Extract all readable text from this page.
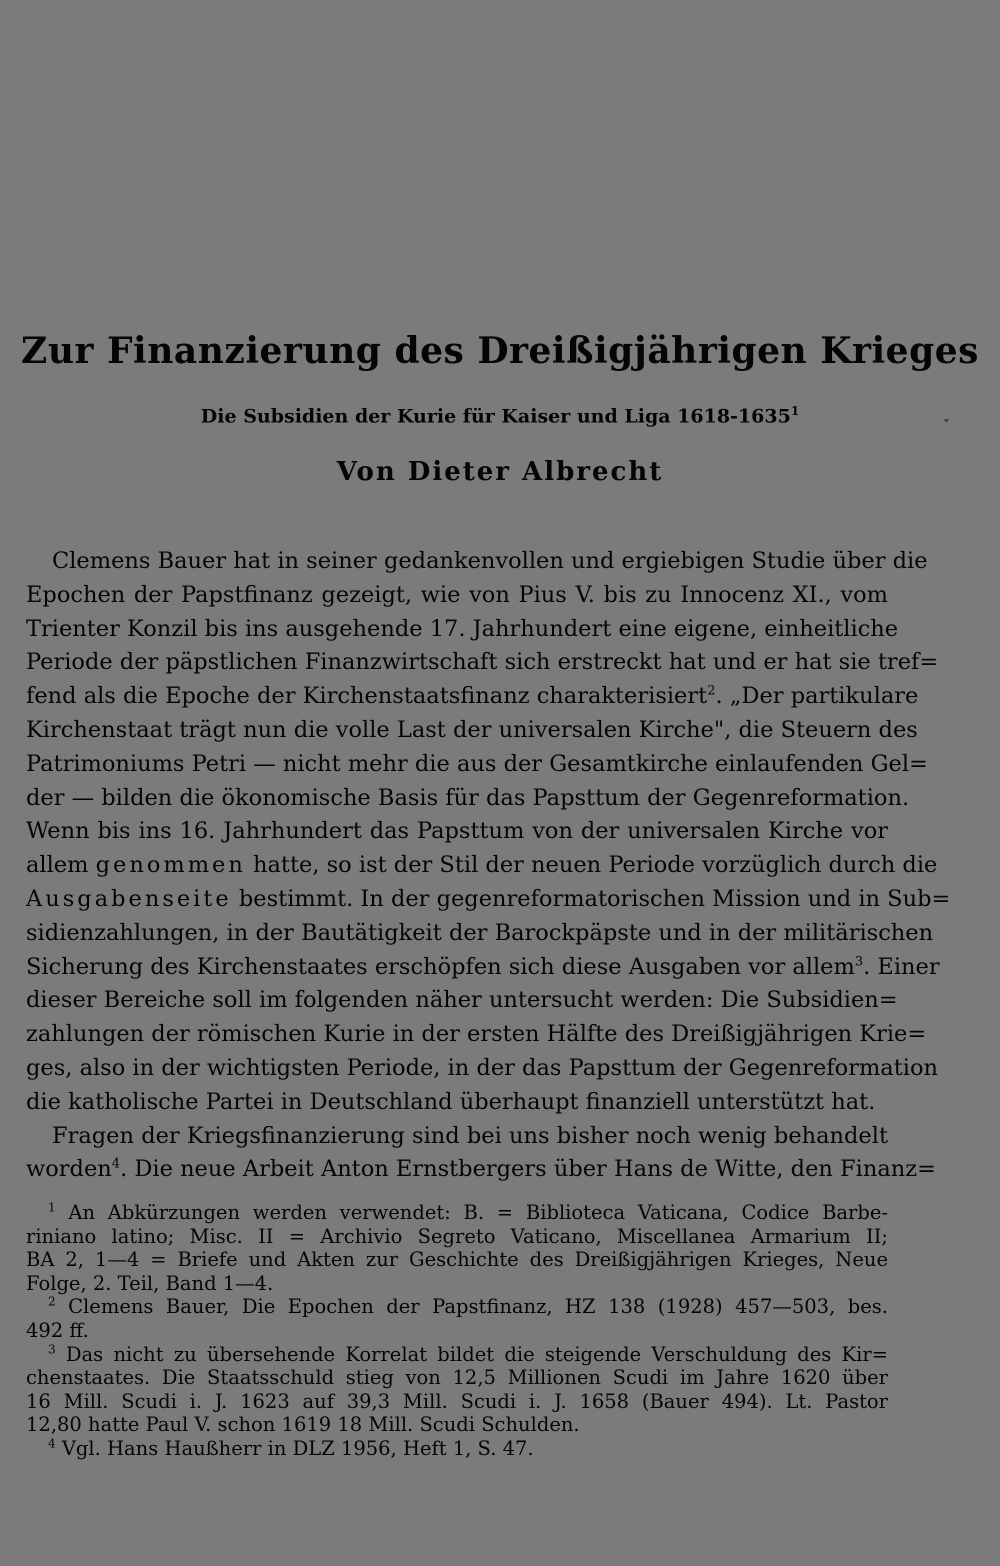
Zur Finanzierung des Dreißigjährigen Krieges
Die Subsidien der Kurie für Kaiser und Liga 1618-1635$^1$
Von Dieter Albrecht
Clemens Bauer hat in seiner gedankenvollen und ergiebigen Studie über die
Epochen der Papstfinanz gezeigt, wie von Pius V. bis zu Innocenz XI., vom
Trienter Konzil bis ins ausgehende 17. Jahrhundert eine eigene, einheitliche
Periode der päpstlichen Finanzwirtschaft sich erstreckt hat und er hat sie tref=
fend als die Epoche der Kirchenstaatsfinanz charakterisiert$^2$. „Der partikulare
Kirchenstaat trägt nun die volle Last der universalen Kirche", die Steuern des
Patrimoniums Petri — nicht mehr die aus der Gesamtkirche einlaufenden Gel=
der — bilden die ökonomische Basis für das Papsttum der Gegenreformation.
Wenn bis ins 16. Jahrhundert das Papsttum von der universalen Kirche vor
allem genommen hatte, so ist der Stil der neuen Periode vorzüglich durch die
Ausgabenseite bestimmt. In der gegenreformatorischen Mission und in Sub=
sidienzahlungen, in der Bautätigkeit der Barockpäpste und in der militärischen
Sicherung des Kirchenstaates erschöpfen sich diese Ausgaben vor allem$^3$. Einer
dieser Bereiche soll im folgenden näher untersucht werden: Die Subsidien=
zahlungen der römischen Kurie in der ersten Hälfte des Dreißigjährigen Krie=
ges, also in der wichtigsten Periode, in der das Papsttum der Gegenreformation
die katholische Partei in Deutschland überhaupt finanziell unterstützt hat.
Fragen der Kriegsfinanzierung sind bei uns bisher noch wenig behandelt
worden$^4$. Die neue Arbeit Anton Ernstbergers über Hans de Witte, den Finanz=
$^1$ An Abkürzungen werden verwendet: B. = Biblioteca Vaticana, Codice Barbe-
riniano latino; Misc. II = Archivio Segreto Vaticano, Miscellanea Armarium II;
BA 2, 1—4 = Briefe und Akten zur Geschichte des Dreißigjährigen Krieges, Neue
Folge, 2. Teil, Band 1—4.
$^2$ Clemens Bauer, Die Epochen der Papstfinanz, HZ 138 (1928) 457—503, bes.
492 ff.
$^3$ Das nicht zu übersehende Korrelat bildet die steigende Verschuldung des Kir=
chenstaates. Die Staatsschuld stieg von 12,5 Millionen Scudi im Jahre 1620 über
16 Mill. Scudi i. J. 1623 auf 39,3 Mill. Scudi i. J. 1658 (Bauer 494). Lt. Pastor
12,80 hatte Paul V. schon 1619 18 Mill. Scudi Schulden.
$^4$ Vgl. Hans Haußherr in DLZ 1956, Heft 1, S. 47.
ˇ
